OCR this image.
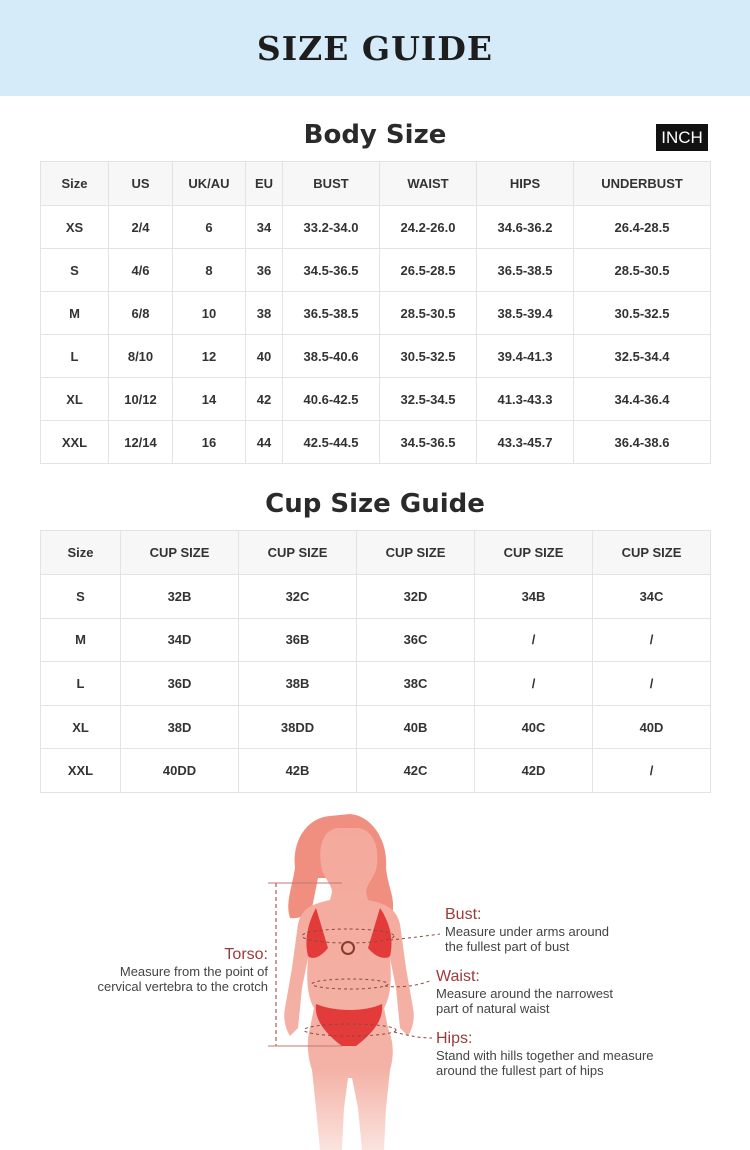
SIZE GUIDE
Body Size	INCH
Size	US	UK/AU	EU	BUST	WAIST	HIPS	UNDERBUST
XS	2/4	6	34	33.2-34.0	24.2-26.0	34.6-36.2	26.4-28.5
S	4/6	8	36	34.5-36.5	26.5-28.5	36.5-38.5	28.5-30.5
M	6/8	10	38	36.5-38.5	28.5-30.5	38.5-39.4	30.5-32.5
L	8/10	12	40	38.5-40.6	30.5-32.5	39.4-41.3	32.5-34.4
XL	10/12	14	42	40.6-42.5	32.5-34.5	41.3-43.3	34.4-36.4
XXL	12/14	16	44	42.5-44.5	34.5-36.5	43.3-45.7	36.4-38.6
Cup Size Guide
Size	CUP SIZE	CUP SIZE	CUP SIZE	CUP SIZE	CUP SIZE
S	32B	32C	32D	34B	34C
M	34D	36B	36C	/	/
L	36D	38B	38C	/	/
XL	38D	38DD	40B	40C	40D
XXL	40DD	42B	42C	42D	/
Torso:
Measure from the point of
cervical vertebra to the crotch
Bust:
Measure under arms around
the fullest part of bust
Waist:
Measure around the narrowest
part of natural waist
Hips:
Stand with hills together and measure
around the fullest part of hips
